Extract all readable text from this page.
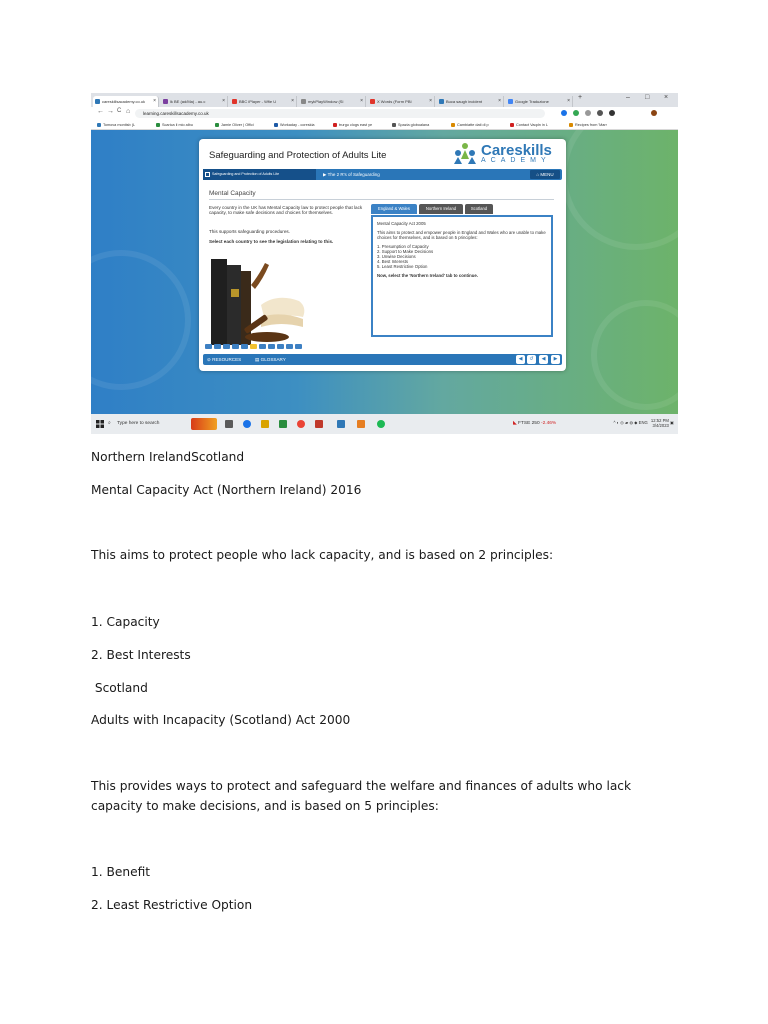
careskillsacademy.co.uk ×	lk BE (ad/Ma) - au.c	×	BBC iPlayer - Wfie U	×	mykPlayWindow (Sl	×	X Words (Form PBI	×	Buca saugh incident	×	Google Traduzione	× +	– □ ×
← → C ⌂	learning.careskillsacademy.co.uk
Tomova montisb (L	Scarica il mio albu	Jamie Oliver | Offici	Workaday - coreskia	trurgu clogs east ye	Spazia globoalana	Cambiatte dati di p	Contact Vaqdn in L	Recipes from 'Marr
Safeguarding and Protection of Adults Lite	Careskills
ACADEMY
Safeguarding and Protection of Adults Lite	▶ The 2 R's of Safeguarding	⌂ MENU
Mental Capacity
Every country in the UK has Mental Capacity law to protect people that lack capacity, to make safe decisions and choices for themselves.
This supports safeguarding procedures.
Select each country to see the legislation relating to this.
England & Wales	Northern Ireland	Scotland
Mental Capacity Act 2005
This aims to protect and empower people in England and Wales who are unable to make choices for themselves, and is based on 5 principles:
1. Presumption of Capacity
2. Support to Make Decisions
3. Unwise Decisions
4. Best Interests
5. Least Restrictive Option
Now, select the 'Northern Ireland' tab to continue.
⊘ RESOURCES	▤ GLOSSARY	◀	↺	◀	▶
⌕ Type here to search	◣ FTSE 250 -2.46%	^ ◐ ◎ ▰ ◍ ◆ ENG 12:52 PM
3/4/2023 ▣
Northern IrelandScotland
Mental Capacity Act (Northern Ireland) 2016
This aims to protect people who lack capacity, and is based on 2 principles:
1. Capacity
2. Best Interests
Scotland
Adults with Incapacity (Scotland) Act 2000
This provides ways to protect and safeguard the welfare and finances of adults who lack capacity to make decisions, and is based on 5 principles:
1. Benefit
2. Least Restrictive Option
